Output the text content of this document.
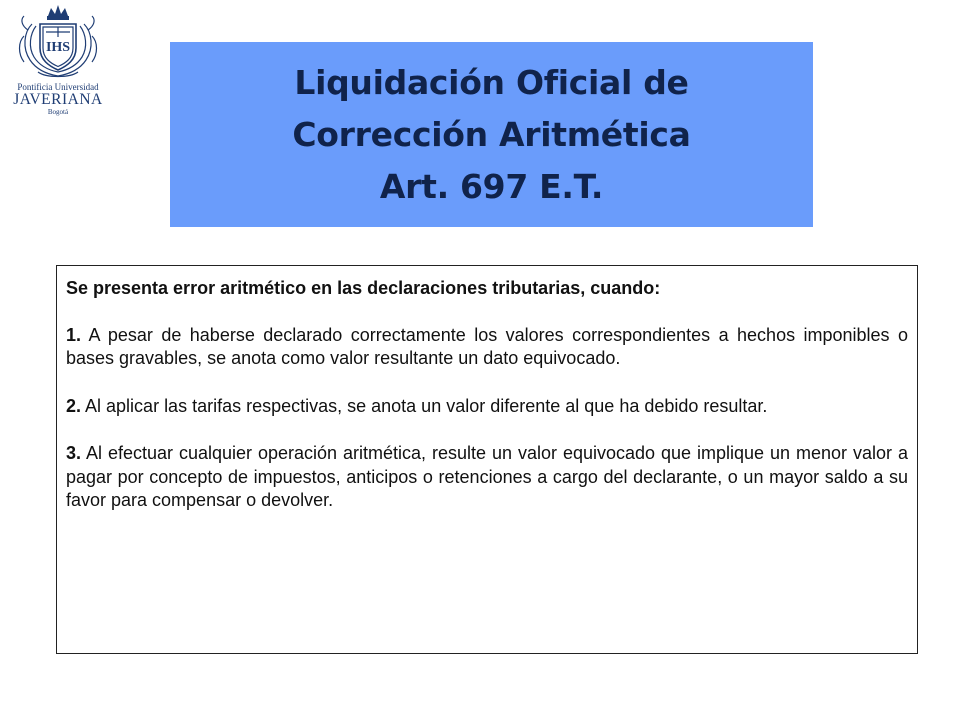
IHS
Pontificia Universidad
JAVERIANA
Bogotá
Liquidación Oficial de
Corrección Aritmética
Art. 697 E.T.

Se presenta error aritmético en las declaraciones tributarias, cuando:

1. A pesar de haberse declarado correctamente los valores correspondientes a hechos imponibles o bases gravables, se anota como valor resultante un dato equivocado.

2. Al aplicar las tarifas respectivas, se anota un valor diferente al que ha debido resultar.

3. Al efectuar cualquier operación aritmética, resulte un valor equivocado que implique un menor valor a pagar por concepto de impuestos, anticipos o retenciones a cargo del declarante, o un mayor saldo a su favor para compensar o devolver.
